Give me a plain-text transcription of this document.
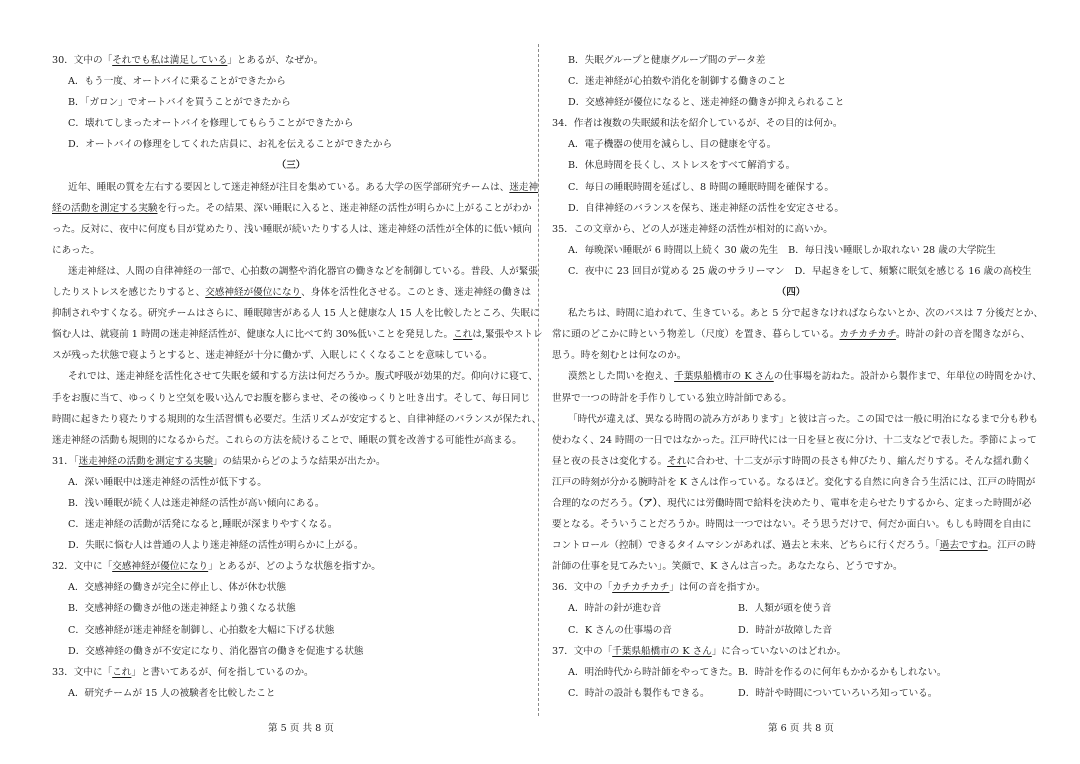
30．文中の「それでも私は満足している」とあるが、なぜか。
A．もう一度、オートバイに乗ることができたから
B．「ガロン」でオートバイを買うことができたから
C．壊れてしまったオートバイを修理してもらうことができたから
D．オートバイの修理をしてくれた店員に、お礼を伝えることができたから
（三）
近年、睡眠の質を左右する要因として迷走神経が注目を集めている。ある大学の医学部研究チームは、迷走神
経の活動を測定する実験を行った。その結果、深い睡眠に入ると、迷走神経の活性が明らかに上がることがわか
った。反対に、夜中に何度も目が覚めたり、浅い睡眠が続いたりする人は、迷走神経の活性が全体的に低い傾向
にあった。
迷走神経は、人間の自律神経の一部で、心拍数の調整や消化器官の働きなどを制御している。普段、人が緊張
したりストレスを感じたりすると、交感神経が優位になり、身体を活性化させる。このとき、迷走神経の働きは
抑制されやすくなる。研究チームはさらに、睡眠障害がある人 15 人と健康な人 15 人を比較したところ、失眠に
悩む人は、就寝前 1 時間の迷走神経活性が、健康な人に比べて約 30%低いことを発見した。これは,緊張やストレ
スが残った状態で寝ようとすると、迷走神経が十分に働かず、入眠しにくくなることを意味している。
それでは、迷走神経を活性化させて失眠を緩和する方法は何だろうか。腹式呼吸が効果的だ。仰向けに寝て、
手をお腹に当て、ゆっくりと空気を吸い込んでお腹を膨らませ、その後ゆっくりと吐き出す。そして、毎日同じ
時間に起きたり寝たりする規則的な生活習慣も必要だ。生活リズムが安定すると、自律神経のバランスが保たれ、
迷走神経の活動も規則的になるからだ。これらの方法を続けることで、睡眠の質を改善する可能性が高まる。
31．「迷走神経の活動を測定する実験」の結果からどのような結果が出たか。
A．深い睡眠中は迷走神経の活性が低下する。
B．浅い睡眠が続く人は迷走神経の活性が高い傾向にある。
C．迷走神経の活動が活発になると,睡眠が深まりやすくなる。
D．失眠に悩む人は普通の人より迷走神経の活性が明らかに上がる。
32．文中に「交感神経が優位になり」とあるが、どのような状態を指すか。
A．交感神経の働きが完全に停止し、体が休む状態
B．交感神経の働きが他の迷走神経より強くなる状態
C．交感神経が迷走神経を制御し、心拍数を大幅に下げる状態
D．交感神経の働きが不安定になり、消化器官の働きを促進する状態
33．文中に「これ」と書いてあるが、何を指しているのか。
A．研究チームが 15 人の被験者を比較したこと
B．失眠グループと健康グループ間のデータ差
C．迷走神経が心拍数や消化を制御する働きのこと
D．交感神経が優位になると、迷走神経の働きが抑えられること
34．作者は複数の失眠緩和法を紹介しているが、その目的は何か。
A．電子機器の使用を減らし、目の健康を守る。
B．休息時間を長くし、ストレスをすべて解消する。
C．毎日の睡眠時間を延ばし、8 時間の睡眠時間を確保する。
D．自律神経のバランスを保ち、迷走神経の活性を安定させる。
35．この文章から、どの人が迷走神経の活性が相対的に高いか。
A．毎晩深い睡眠が 6 時間以上続く 30 歳の先生 B．毎日浅い睡眠しか取れない 28 歳の大学院生
C．夜中に 23 回目が覚める 25 歳のサラリーマン D．早起きをして、頻繁に眠気を感じる 16 歳の高校生
（四）
私たちは、時間に追われて、生きている。あと 5 分で起きなければならないとか、次のバスは 7 分後だとか、
常に頭のどこかに時という物差し（尺度）を置き、暮らしている。カチカチカチ。時計の針の音を聞きながら、
思う。時を刻むとは何なのか。
漠然とした問いを抱え、千葉県船橋市の K さんの仕事場を訪ねた。設計から製作まで、年単位の時間をかけ、
世界で一つの時計を手作りしている独立時計師である。
「時代が違えば、異なる時間の読み方があります」と彼は言った。この国では一般に明治になるまで分も秒も
使わなく、24 時間の一日ではなかった。江戸時代には一日を昼と夜に分け、十二支などで表した。季節によって
昼と夜の長さは変化する。それに合わせ、十二支が示す時間の長さも伸びたり、縮んだりする。そんな揺れ動く
江戸の時刻が分かる腕時計を K さんは作っている。なるほど。変化する自然に向き合う生活には、江戸の時間が
合理的なのだろう。（ア）、現代には労働時間で給料を決めたり、電車を走らせたりするから、定まった時間が必
要となる。そういうことだろうか。時間は一つではない。そう思うだけで、何だか面白い。もしも時間を自由に
コントロール（控制）できるタイムマシンがあれば、過去と未来、どちらに行くだろう。「過去ですね。江戸の時
計師の仕事を見てみたい」。笑顔で、K さんは言った。あなたなら、どうですか。
36．文中の「カチカチカチ」は何の音を指すか。
A．時計の針が進む音	B．人類が頭を使う音
C．K さんの仕事場の音	D．時計が故障した音
37．文中の「千葉県船橋市の K さん」に合っていないのはどれか。
A．明治時代から時計師をやってきた。B．時計を作るのに何年もかかるかもしれない。
C．時計の設計も製作もできる。	D．時計や時間についていろいろ知っている。
第 5 页 共 8 页	第 6 页 共 8 页
